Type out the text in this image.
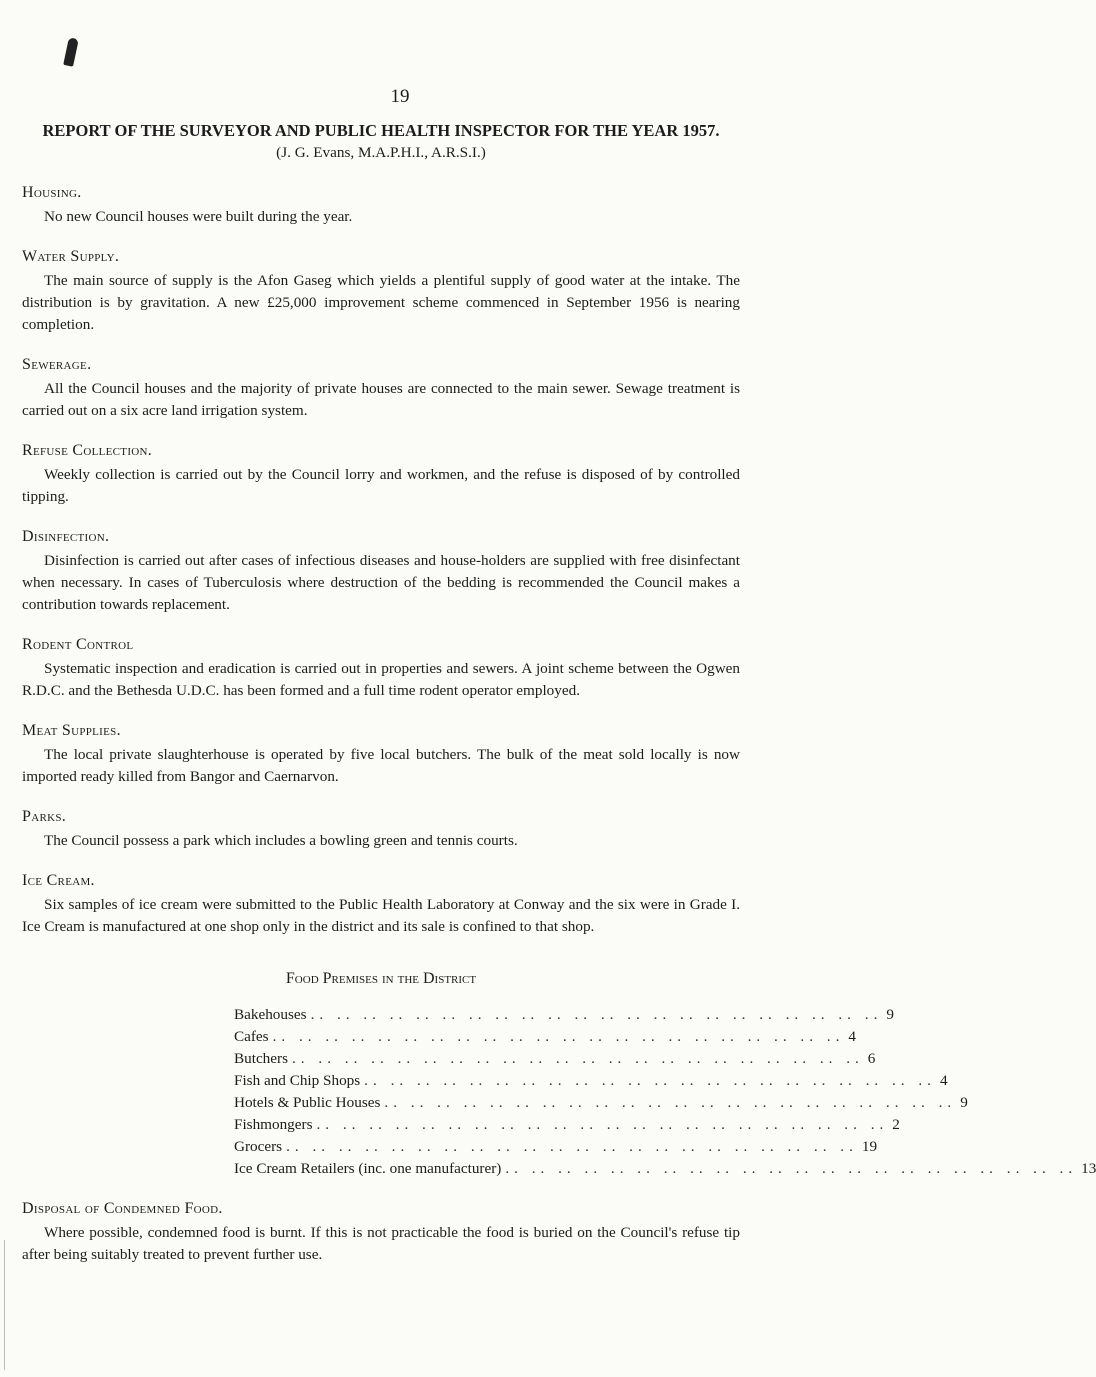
19

REPORT OF THE SURVEYOR AND PUBLIC HEALTH INSPECTOR FOR THE YEAR 1957.

(J. G. Evans, M.A.P.H.I., A.R.S.I.)

Housing.

No new Council houses were built during the year.

Water Supply.

The main source of supply is the Afon Gaseg which yields a plentiful supply of good water at the intake. The distribution is by gravitation. A new £25,000 improvement scheme commenced in September 1956 is nearing completion.

Sewerage.

All the Council houses and the majority of private houses are connected to the main sewer. Sewage treatment is carried out on a six acre land irrigation system.

Refuse Collection.

Weekly collection is carried out by the Council lorry and workmen, and the refuse is disposed of by controlled tipping.

Disinfection.

Disinfection is carried out after cases of infectious diseases and house-holders are supplied with free disinfectant when necessary. In cases of Tuberculosis where destruction of the bedding is recommended the Council makes a contribution towards replacement.

Rodent Control

Systematic inspection and eradication is carried out in properties and sewers. A joint scheme between the Ogwen R.D.C. and the Bethesda U.D.C. has been formed and a full time rodent operator employed.

Meat Supplies.

The local private slaughterhouse is operated by five local butchers. The bulk of the meat sold locally is now imported ready killed from Bangor and Caernarvon.

Parks.

The Council possess a park which includes a bowling green and tennis courts.

Ice Cream.

Six samples of ice cream were submitted to the Public Health Laboratory at Conway and the six were in Grade I. Ice Cream is manufactured at one shop only in the district and its sale is confined to that shop.

Food Premises in the District
Bakehouses .. .. .. .. .. .. .. .. .. .. .. .. .. .. .. .. .. .. .. .. .. .. 9
Cafes .. .. .. .. .. .. .. .. .. .. .. .. .. .. .. .. .. .. .. .. .. .. 4
Butchers .. .. .. .. .. .. .. .. .. .. .. .. .. .. .. .. .. .. .. .. .. .. 6
Fish and Chip Shops .. .. .. .. .. .. .. .. .. .. .. .. .. .. .. .. .. .. .. .. .. .. 4
Hotels & Public Houses .. .. .. .. .. .. .. .. .. .. .. .. .. .. .. .. .. .. .. .. .. .. 9
Fishmongers .. .. .. .. .. .. .. .. .. .. .. .. .. .. .. .. .. .. .. .. .. .. 2
Grocers .. .. .. .. .. .. .. .. .. .. .. .. .. .. .. .. .. .. .. .. .. .. 19
Ice Cream Retailers (inc. one manufacturer) .. .. .. .. .. .. .. .. .. .. .. .. .. .. .. .. .. .. .. .. .. .. 13
Disposal of Condemned Food.

Where possible, condemned food is burnt. If this is not practicable the food is buried on the Council's refuse tip after being suitably treated to prevent further use.
